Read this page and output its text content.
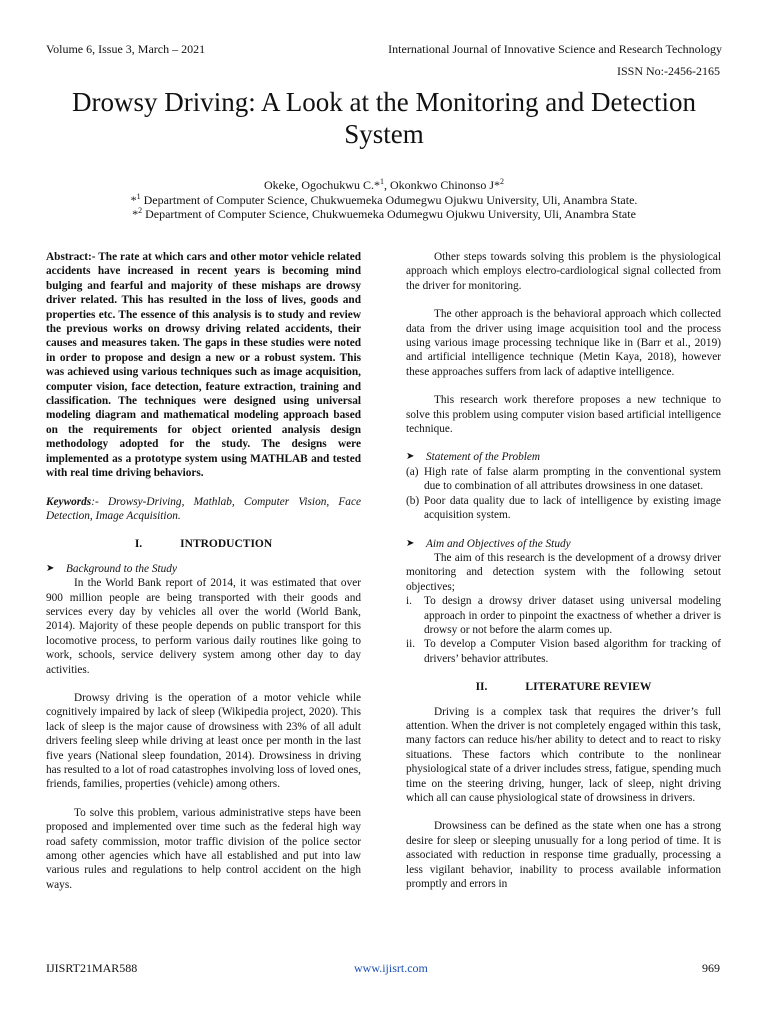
Volume 6, Issue 3, March – 2021	International Journal of Innovative Science and Research Technology
ISSN No:-2456-2165
Drowsy Driving: A Look at the Monitoring and Detection System
Okeke, Ogochukwu C.*$^1$, Okonkwo Chinonso J*$^2$
*$^1$ Department of Computer Science, Chukwuemeka Odumegwu Ojukwu University, Uli, Anambra State.
*$^2$ Department of Computer Science, Chukwuemeka Odumegwu Ojukwu University, Uli, Anambra State

Abstract:- The rate at which cars and other motor vehicle related accidents have increased in recent years is becoming mind bulging and fearful and majority of these mishaps are drowsy driver related. This has resulted in the loss of lives, goods and properties etc. The essence of this analysis is to study and review the previous works on drowsy driving related accidents, their causes and measures taken. The gaps in these studies were noted in order to propose and design a new or a robust system. This was achieved using various techniques such as image acquisition, computer vision, face detection, feature extraction, training and classification. The techniques were designed using universal modeling diagram and mathematical modeling approach based on the requirements for object oriented analysis design methodology adopted for the study. The designs were implemented as a prototype system using MATHLAB and tested with real time driving behaviors.

Keywords:- Drowsy-Driving, Mathlab, Computer Vision, Face Detection, Image Acquisition.

I.	INTRODUCTION
➤	Background to the Study

In the World Bank report of 2014, it was estimated that over 900 million people are being transported with their goods and services every day by vehicles all over the world (World Bank, 2014). Majority of these people depends on public transport for this locomotive process, to perform various daily routines like going to work, schools, service delivery system among other day to day activities.

Drowsy driving is the operation of a motor vehicle while cognitively impaired by lack of sleep (Wikipedia project, 2020). This lack of sleep is the major cause of drowsiness with 23% of all adult drivers feeling sleep while driving at least once per month in the last five years (National sleep foundation, 2014). Drowsiness in driving has resulted to a lot of road catastrophes involving loss of loved ones, friends, families, properties (vehicle) among others.

To solve this problem, various administrative steps have been proposed and implemented over time such as the federal high way road safety commission, motor traffic division of the police sector among other agencies which have all established and put into law various rules and regulations to help control accident on the high ways.

Other steps towards solving this problem is the physiological approach which employs electro-cardiological signal collected from the driver for monitoring.

The other approach is the behavioral approach which collected data from the driver using image acquisition tool and the process using various image processing technique like in (Barr et al., 2019) and artificial intelligence technique (Metin Kaya, 2018), however these approaches suffers from lack of adaptive intelligence.

This research work therefore proposes a new technique to solve this problem using computer vision based artificial intelligence technique.

➤	Statement of the Problem
(a) High rate of false alarm prompting in the conventional system due to combination of all attributes drowsiness in one dataset.
(b) Poor data quality due to lack of intelligence by existing image acquisition system.
➤	Aim and Objectives of the Study

The aim of this research is the development of a drowsy driver monitoring and detection system with the following setout objectives;

i.	To design a drowsy driver dataset using universal modeling approach in order to pinpoint the exactness of whether a driver is drowsy or not before the alarm comes up.
ii. To develop a Computer Vision based algorithm for tracking of drivers’ behavior attributes.
II.	LITERATURE REVIEW

Driving is a complex task that requires the driver’s full attention. When the driver is not completely engaged within this task, many factors can reduce his/her ability to detect and to react to risky situations. These factors which contribute to the nonlinear physiological state of a driver includes stress, fatigue, spending much time on the steering driving, hunger, lack of sleep, night driving which all can cause physiological state of drowsiness in drivers.

Drowsiness can be defined as the state when one has a strong desire for sleep or sleeping unusually for a long period of time. It is associated with reduction in response time gradually, processing a less vigilant behavior, inability to process available information promptly and errors in

IJISRT21MAR588	www.ijisrt.com	969
